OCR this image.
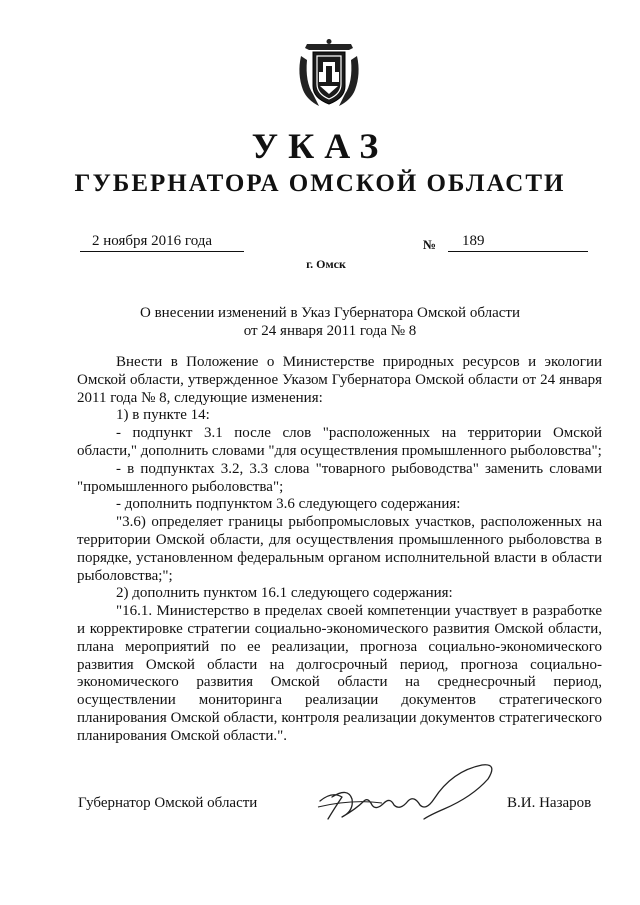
УКАЗ
ГУБЕРНАТОРА ОМСКОЙ ОБЛАСТИ
2 ноября 2016 года	№	189
г. Омск
О внесении изменений в Указ Губернатора Омской области
от 24 января 2011 года № 8

Внести в Положение о Министерстве природных ресурсов и экологии Омской области, утвержденное Указом Губернатора Омской области от 24 января 2011 года № 8, следующие изменения:

1) в пункте 14:

- подпункт 3.1 после слов "расположенных на территории Омской области," дополнить словами "для осуществления промышленного рыболовства";

- в подпунктах 3.2, 3.3 слова "товарного рыбоводства" заменить словами "промышленного рыболовства";

- дополнить подпунктом 3.6 следующего содержания:

"3.6) определяет границы рыбопромысловых участков, расположенных на территории Омской области, для осуществления промышленного рыболовства в порядке, установленном федеральным органом исполнительной власти в области рыболовства;";

2) дополнить пунктом 16.1 следующего содержания:

"16.1. Министерство в пределах своей компетенции участвует в разработке и корректировке стратегии социально-экономического развития Омской области, плана мероприятий по ее реализации, прогноза социально-экономического развития Омской области на долгосрочный период, прогноза социально-экономического развития Омской области на среднесрочный период, осуществлении мониторинга реализации документов стратегического планирования Омской области, контроля реализации документов стратегического планирования Омской области.".

Губернатор Омской области	В.И. Назаров
